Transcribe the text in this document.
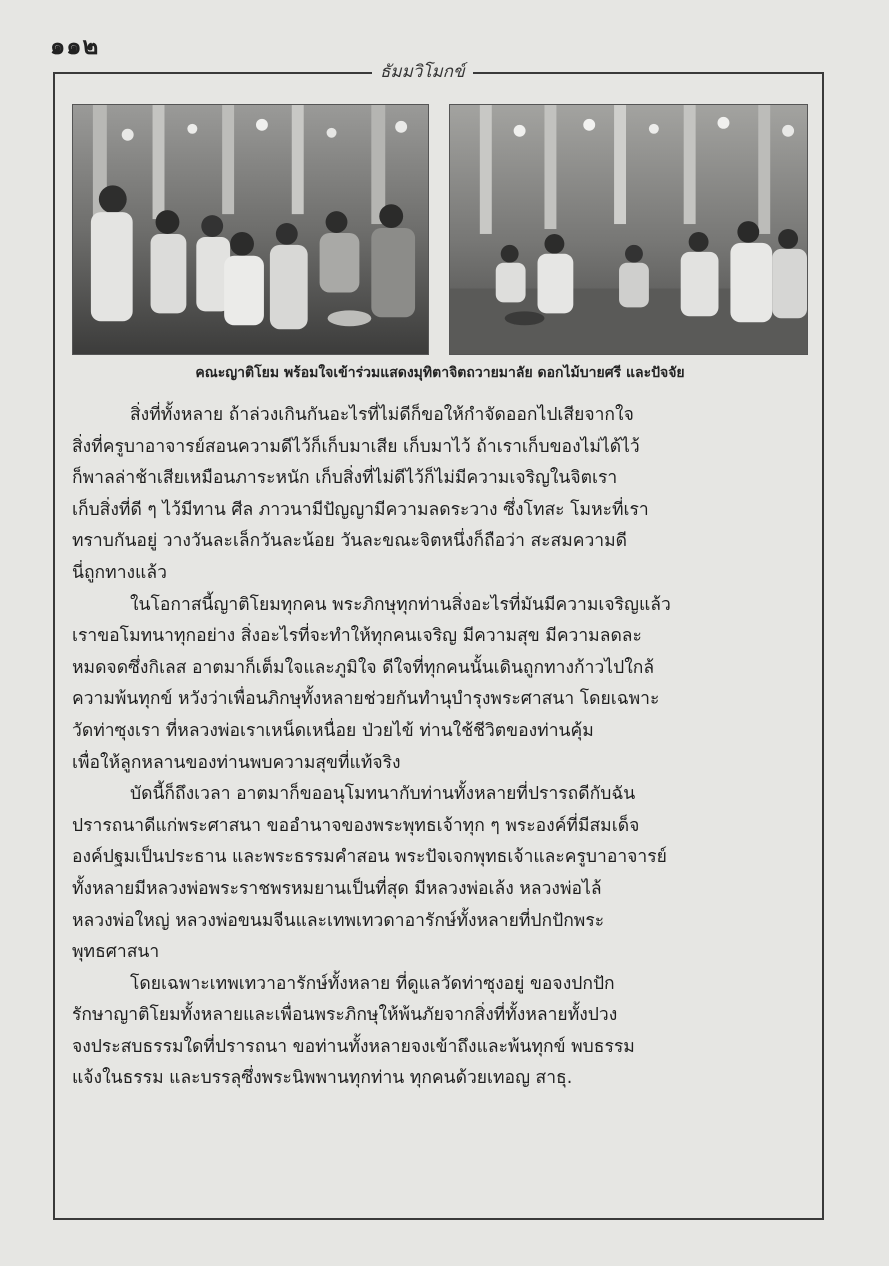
๑๑๒
ธัมมวิโมกข์
คณะญาติโยม พร้อมใจเข้าร่วมแสดงมุทิตาจิตถวายมาลัย ดอกไม้บายศรี และปัจจัย
สิ่งที่ทั้งหลาย ถ้าล่วงเกินกันอะไรที่ไม่ดีก็ขอให้กำจัดออกไปเสียจากใจ
สิ่งที่ครูบาอาจารย์สอนความดีไว้ก็เก็บมาเสีย เก็บมาไว้ ถ้าเราเก็บของไม่ได้ไว้
ก็พาลล่าช้าเสียเหมือนภาระหนัก เก็บสิ่งที่ไม่ดีไว้ก็ไม่มีความเจริญในจิตเรา
เก็บสิ่งที่ดี ๆ ไว้มีทาน ศีล ภาวนามีปัญญามีความลดระวาง ซึ่งโทสะ โมหะที่เรา
ทราบกันอยู่ วางวันละเล็กวันละน้อย วันละขณะจิตหนึ่งก็ถือว่า สะสมความดี
นี่ถูกทางแล้ว
ในโอกาสนี้ญาติโยมทุกคน พระภิกษุทุกท่านสิ่งอะไรที่มันมีความเจริญแล้ว
เราขอโมทนาทุกอย่าง สิ่งอะไรที่จะทำให้ทุกคนเจริญ มีความสุข มีความลดละ
หมดจดซึ่งกิเลส อาตมาก็เต็มใจและภูมิใจ ดีใจที่ทุกคนนั้นเดินถูกทางก้าวไปใกล้
ความพ้นทุกข์ หวังว่าเพื่อนภิกษุทั้งหลายช่วยกันทำนุบำรุงพระศาสนา โดยเฉพาะ
วัดท่าซุงเรา ที่หลวงพ่อเราเหน็ดเหนื่อย ป่วยไข้ ท่านใช้ชีวิตของท่านคุ้ม
เพื่อให้ลูกหลานของท่านพบความสุขที่แท้จริง
บัดนี้ก็ถึงเวลา อาตมาก็ขออนุโมทนากับท่านทั้งหลายที่ปรารถดีกับฉัน
ปรารถนาดีแก่พระศาสนา ขออำนาจของพระพุทธเจ้าทุก ๆ พระองค์ที่มีสมเด็จ
องค์ปฐมเป็นประธาน และพระธรรมคำสอน พระปัจเจกพุทธเจ้าและครูบาอาจารย์
ทั้งหลายมีหลวงพ่อพระราชพรหมยานเป็นที่สุด มีหลวงพ่อเล้ง หลวงพ่อไล้
หลวงพ่อใหญ่ หลวงพ่อขนมจีนและเทพเทวดาอารักษ์ทั้งหลายที่ปกปักพระ
พุทธศาสนา
โดยเฉพาะเทพเทวาอารักษ์ทั้งหลาย ที่ดูแลวัดท่าซุงอยู่ ขอจงปกปัก
รักษาญาติโยมทั้งหลายและเพื่อนพระภิกษุให้พ้นภัยจากสิ่งที่ทั้งหลายทั้งปวง
จงประสบธรรมใดที่ปรารถนา ขอท่านทั้งหลายจงเข้าถึงและพ้นทุกข์ พบธรรม
แจ้งในธรรม และบรรลุซึ่งพระนิพพานทุกท่าน ทุกคนด้วยเทอญ สาธุ.
